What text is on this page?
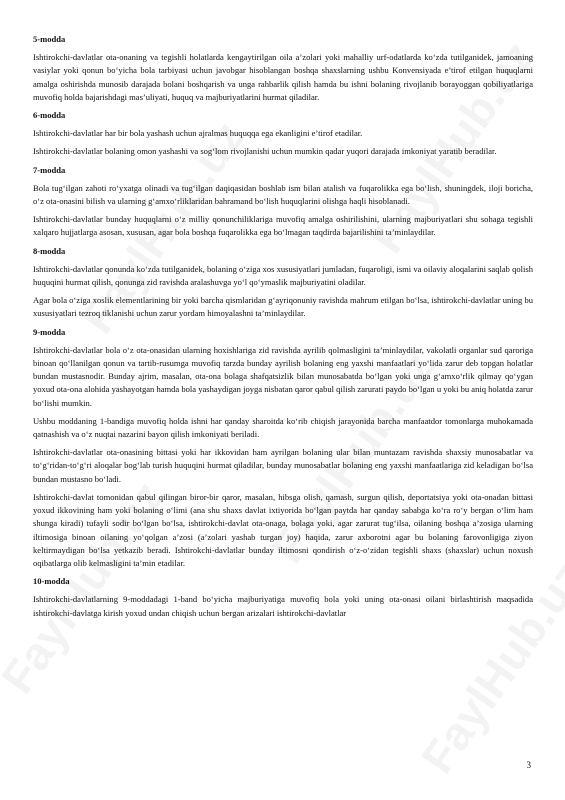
5-modda
Ishtirokchi-davlatlar ota-onaning va tegishli holatlarda kengaytirilgan oila a’zolari yoki mahalliy urf-odatlarda ko‘zda tutilganidek, jamoaning vasiylar yoki qonun bo‘yicha bola tarbiyasi uchun javobgar hisoblangan boshqa shaxslarning ushbu Konvensiyada e’tirof etilgan huquqlarni amalga oshirishda munosib darajada bolani boshqarish va unga rahbarlik qilish hamda bu ishni bolaning rivojlanib borayoggan qobiliyatlariga muvofiq holda bajarishdagi mas’uliyati, huquq va majburiyatlarini hurmat qiladilar.
6-modda
Ishtirokchi-davlatlar har bir bola yashash uchun ajralmas huquqqa ega ekanligini e’tirof etadilar.
Ishtirokchi-davlatlar bolaning omon yashashi va sog‘lom rivojlanishi uchun mumkin qadar yuqori darajada imkoniyat yaratib beradilar.
7-modda
Bola tug‘ilgan zahoti ro‘yxatga olinadi va tug‘ilgan daqiqasidan boshlab ism bilan atalish va fuqarolikka ega bo‘lish, shuningdek, iloji boricha, o‘z ota-onasini bilish va ularning g‘amxo‘rliklaridan bahramand bo‘lish huquqlarini olishga haqli hisoblanadi.
Ishtirokchi-davlatlar bunday huquqlarni o‘z milliy qonunchiliklariga muvofiq amalga oshirilishini, ularning majburiyatlari shu sohaga tegishli xalqaro hujjatlarga asosan, xususan, agar bola boshqa fuqarolikka ega bo‘lmagan taqdirda bajarilishini ta’minlaydilar.
8-modda
Ishtirokchi-davlatlar qonunda ko‘zda tutilganidek, bolaning o‘ziga xos xususiyatlari jumladan, fuqaroligi, ismi va oilaviy aloqalarini saqlab qolish huquqini hurmat qilish, qonunga zid ravishda aralashuvga yo‘l qo‘ymaslik majburiyatini oladilar.
Agar bola o‘ziga xoslik elementlarining bir yoki barcha qismlaridan g‘ayriqonuniy ravishda mahrum etilgan bo‘lsa, ishtirokchi-davlatlar uning bu xususiyatlari tezroq tiklanishi uchun zarur yordam himoyalashni ta’minlaydilar.
9-modda
Ishtirokchi-davlatlar bola o‘z ota-onasidan ularning hoxishlariga zid ravishda ayrilib qolmasligini ta’minlaydilar, vakolatli organlar sud qaroriga binoan qo‘llanilgan qonun va tartib-rusumga muvofiq tarzda bunday ayrilish bolaning eng yaxshi manfaatlari yo‘lida zarur deb topgan holatlar bundan mustasnodir. Bunday ajrim, masalan, ota-ona bolaga shafqatsizlik bilan munosabatda bo‘lgan yoki unga g‘amxo‘rlik qilmay qo‘ygan yoxud ota-ona alohida yashayotgan hamda bola yashaydigan joyga nisbatan qaror qabul qilish zarurati paydo bo‘lgan u yoki bu aniq holatda zarur bo‘lishi mumkin.
Ushbu moddaning 1-bandiga muvofiq holda ishni har qanday sharoitda ko‘rib chiqish jarayonida barcha manfaatdor tomonlarga muhokamada qatnashish va o‘z nuqtai nazarini bayon qilish imkoniyati beriladi.
Ishtirokchi-davlatlar ota-onasining bittasi yoki har ikkovidan ham ayrilgan bolaning ular bilan muntazam ravishda shaxsiy munosabatlar va to‘g‘ridan-to‘g‘ri aloqalar bog‘lab turish huquqini hurmat qiladilar, bunday munosabatlar bolaning eng yaxshi manfaatlariga zid keladigan bo‘lsa bundan mustasno bo‘ladi.
Ishtirokchi-davlat tomonidan qabul qilingan biror-bir qaror, masalan, hibsga olish, qamash, surgun qilish, deportatsiya yoki ota-onadan bittasi yoxud ikkovining ham yoki bolaning o‘limi (ana shu shaxs davlat ixtiyorida bo‘lgan paytda har qanday sababga ko‘ra ro‘y bergan o‘lim ham shunga kiradi) tufayli sodir bo‘lgan bo‘lsa, ishtirokchi-davlat ota-onaga, bolaga yoki, agar zarurat tug‘ilsa, oilaning boshqa a’zosiga ularning iltimosiga binoan oilaning yo‘qolgan a’zosi (a’zolari yashab turgan joy) haqida, zarur axborotni agar bu bolaning farovonligiga ziyon keltirmaydigan bo‘lsa yetkazib beradi. Ishtirokchi-davlatlar bunday iltimosni qondirish o‘z-o‘zidan tegishli shaxs (shaxslar) uchun noxush oqibatlarga olib kelmasligini ta’min etadilar.
10-modda
Ishtirokchi-davlatlarning 9-moddadagi 1-band bo‘yicha majburiyatiga muvofiq bola yoki uning ota-onasi oilani birlashtirish maqsadida ishtirokchi-davlatga kirish yoxud undan chiqish uchun bergan arizalari ishtirokchi-davlatlar
3
